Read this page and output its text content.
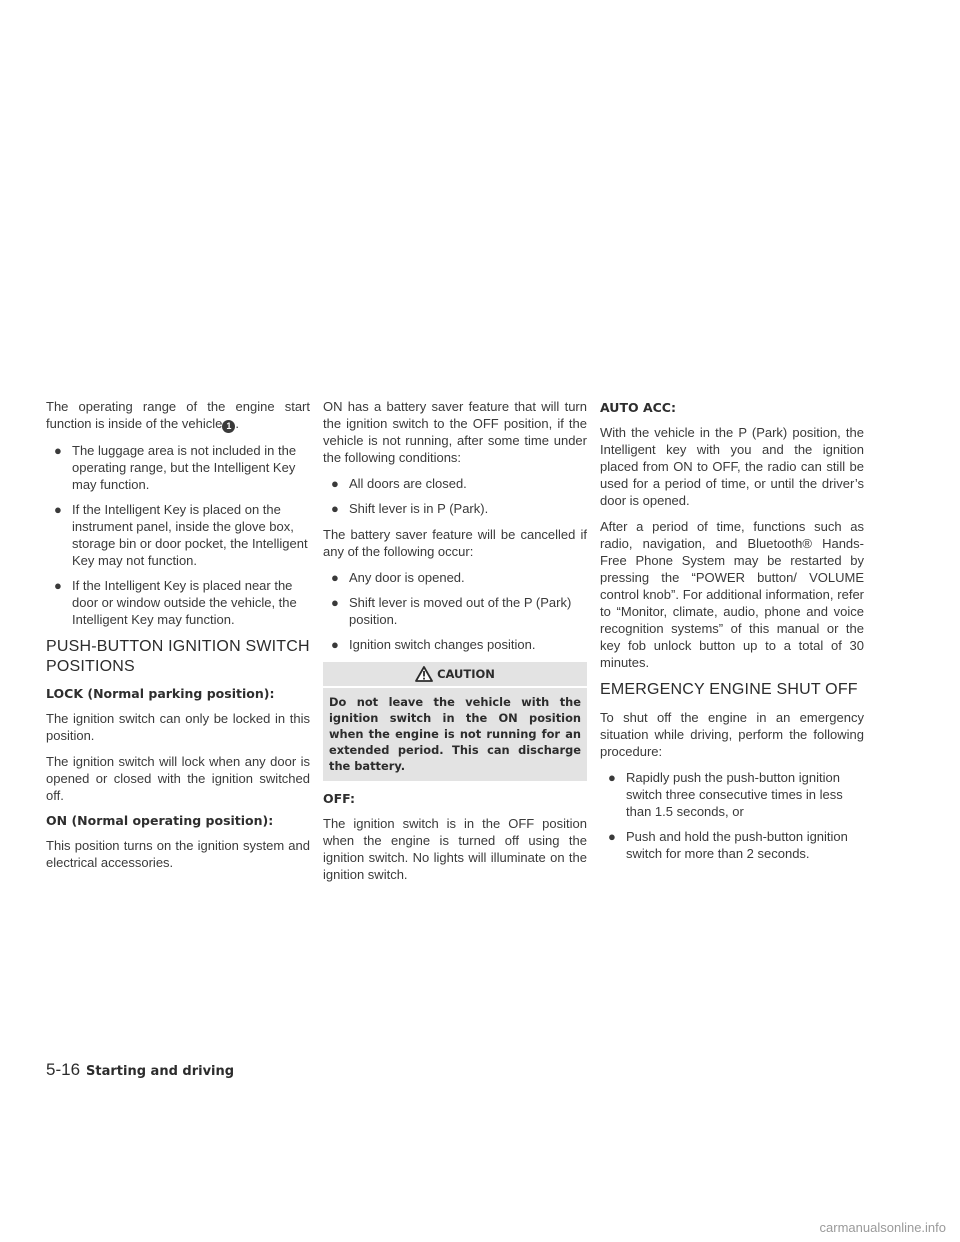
The operating range of the engine start function is inside of the vehicle 1 .

● The luggage area is not included in the operating range, but the Intelligent Key may function.
● If the Intelligent Key is placed on the instrument panel, inside the glove box, storage bin or door pocket, the Intelligent Key may not function.
● If the Intelligent Key is placed near the door or window outside the vehicle, the Intelligent Key may function.
PUSH-BUTTON IGNITION SWITCH POSITIONS
LOCK (Normal parking position):

The ignition switch can only be locked in this position.

The ignition switch will lock when any door is opened or closed with the ignition switched off.

ON (Normal operating position):

This position turns on the ignition system and electrical accessories.

ON has a battery saver feature that will turn the ignition switch to the OFF position, if the vehicle is not running, after some time under the following conditions:

● All doors are closed.
● Shift lever is in P (Park).

The battery saver feature will be cancelled if any of the following occur:

● Any door is opened.
● Shift lever is moved out of the P (Park) position.
● Ignition switch changes position.
CAUTION
Do not leave the vehicle with the ignition switch in the ON position when the engine is not running for an extended period. This can discharge the battery.
OFF:

The ignition switch is in the OFF position when the engine is turned off using the ignition switch. No lights will illuminate on the ignition switch.

AUTO ACC:

With the vehicle in the P (Park) position, the Intelligent key with you and the ignition placed from ON to OFF, the radio can still be used for a period of time, or until the driver’s door is opened.

After a period of time, functions such as radio, navigation, and Bluetooth® Hands-Free Phone System may be restarted by pressing the “POWER button/ VOLUME control knob”. For additional information, refer to “Monitor, climate, audio, phone and voice recognition systems” of this manual or the key fob unlock button up to a total of 30 minutes.

EMERGENCY ENGINE SHUT OFF

To shut off the engine in an emergency situation while driving, perform the following procedure:

● Rapidly push the push-button ignition switch three consecutive times in less than 1.5 seconds, or
● Push and hold the push-button ignition switch for more than 2 seconds.
5-16 Starting and driving
carmanualsonline.info
